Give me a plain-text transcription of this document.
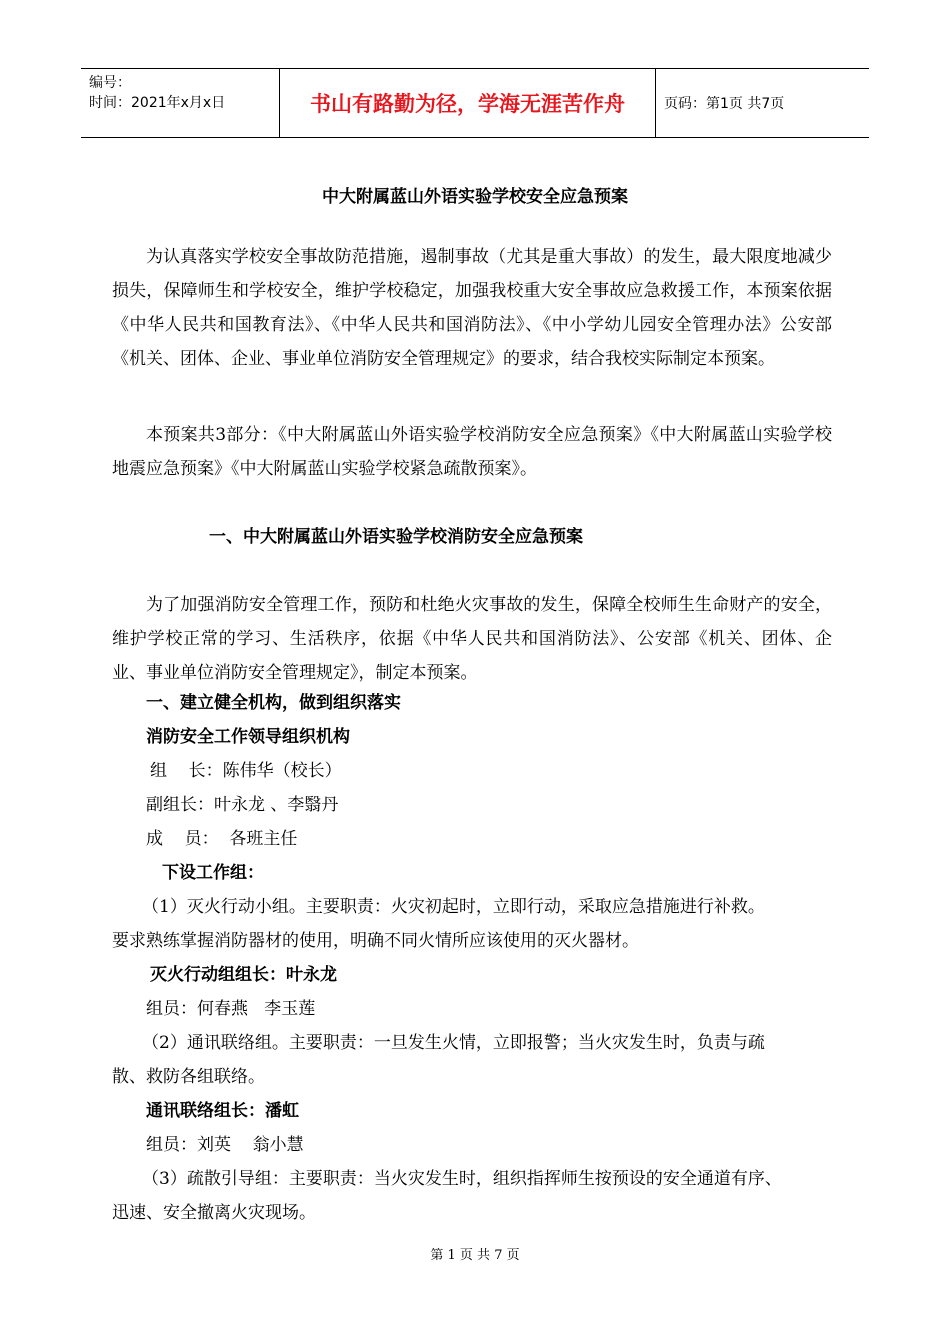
编号：
时间：2021年x月x日	书山有路勤为径，学海无涯苦作舟	页码：第1页 共7页
中大附属蓝山外语实验学校安全应急预案

为认真落实学校安全事故防范措施，遏制事故（尤其是重大事故）的发生，最大限度地减少损失，保障师生和学校安全，维护学校稳定，加强我校重大安全事故应急救援工作，本预案依据《中华人民共和国教育法》、《中华人民共和国消防法》、《中小学幼儿园安全管理办法》公安部《机关、团体、企业、事业单位消防安全管理规定》的要求，结合我校实际制定本预案。

本预案共3部分：《中大附属蓝山外语实验学校消防安全应急预案》《中大附属蓝山实验学校地震应急预案》《中大附属蓝山实验学校紧急疏散预案》。

一、中大附属蓝山外语实验学校消防安全应急预案

为了加强消防安全管理工作，预防和杜绝火灾事故的发生，保障全校师生生命财产的安全，维护学校正常的学习、生活秩序，依据《中华人民共和国消防法》、公安部《机关、团体、企业、事业单位消防安全管理规定》，制定本预案。

一、建立健全机构，做到组织落实
消防安全工作领导组织机构
组    长：陈伟华（校长）
副组长：叶永龙 、李翳丹
成    员：  各班主任
下设工作组：
（1）灭火行动小组。主要职责：火灾初起时，立即行动，采取应急措施进行补救。
要求熟练掌握消防器材的使用，明确不同火情所应该使用的灭火器材。
灭火行动组组长：叶永龙
组员：何春燕   李玉莲
（2）通讯联络组。主要职责：一旦发生火情，立即报警；当火灾发生时，负责与疏
散、救防各组联络。
通讯联络组长：潘虹
组员：刘英    翁小慧
（3）疏散引导组：主要职责：当火灾发生时，组织指挥师生按预设的安全通道有序、
迅速、安全撤离火灾现场。
第 1 页 共 7 页
